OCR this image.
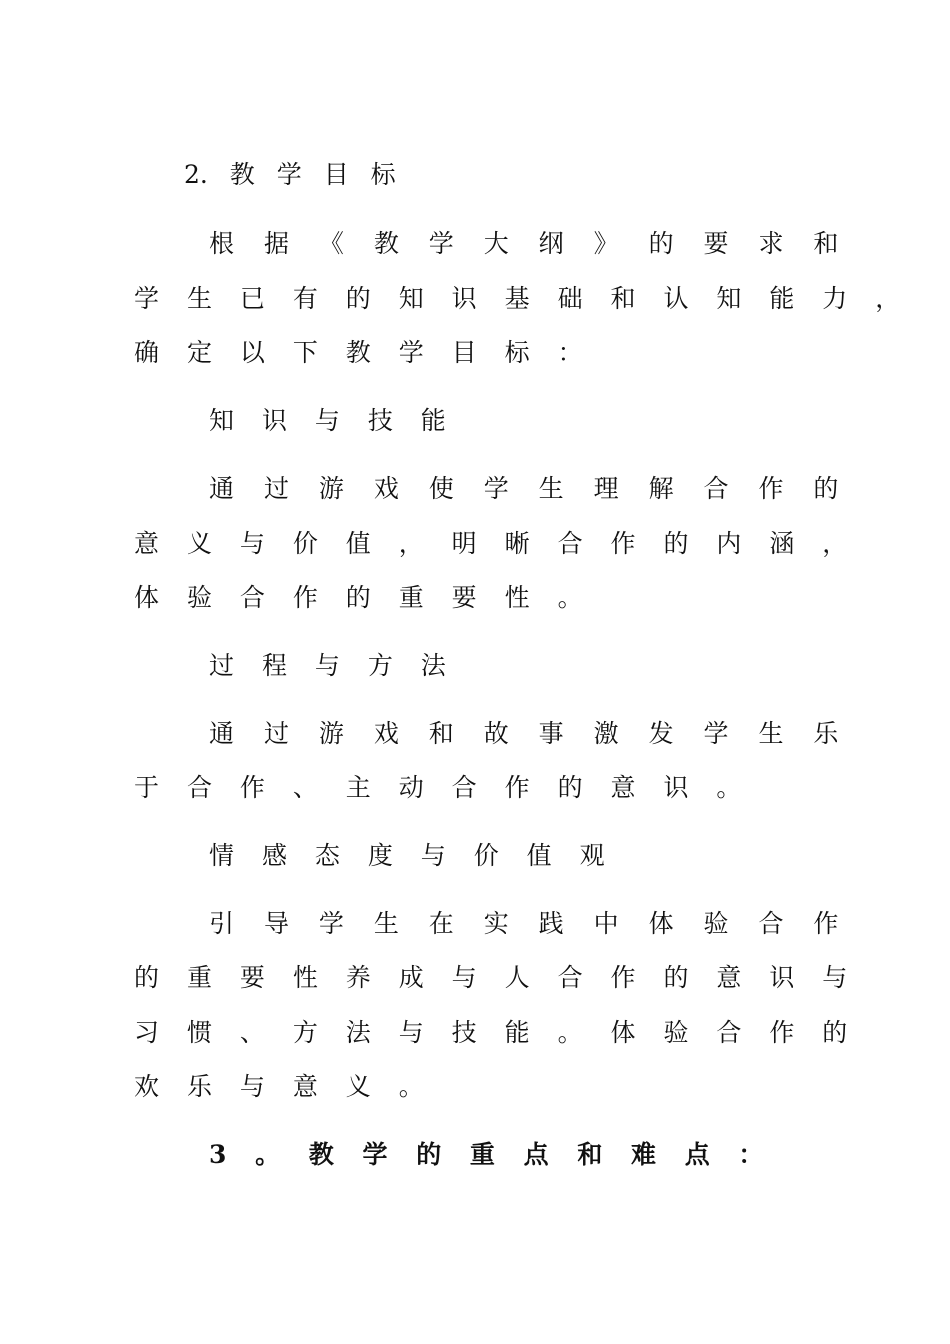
2. 教 学 目 标
根 据 《 教 学 大 纲 》 的 要 求 和
学 生 已 有 的 知 识 基 础 和 认 知 能 力 ，
确 定 以 下 教 学 目 标 ：
知 识 与 技 能
通 过 游 戏 使 学 生 理 解 合 作 的
意 义 与 价 值 ， 明 晰 合 作 的 内 涵 ，
体 验 合 作 的 重 要 性 。
过 程 与 方 法
通 过 游 戏 和 故 事 激 发 学 生 乐
于 合 作 、 主 动 合 作 的 意 识 。
情 感 态 度 与 价 值 观
引 导 学 生 在 实 践 中 体 验 合 作
的 重 要 性 养 成 与 人 合 作 的 意 识 与
习 惯 、 方 法 与 技 能 。 体 验 合 作 的
欢 乐 与 意 义 。
3 。 教 学 的 重 点 和 难 点 ：
